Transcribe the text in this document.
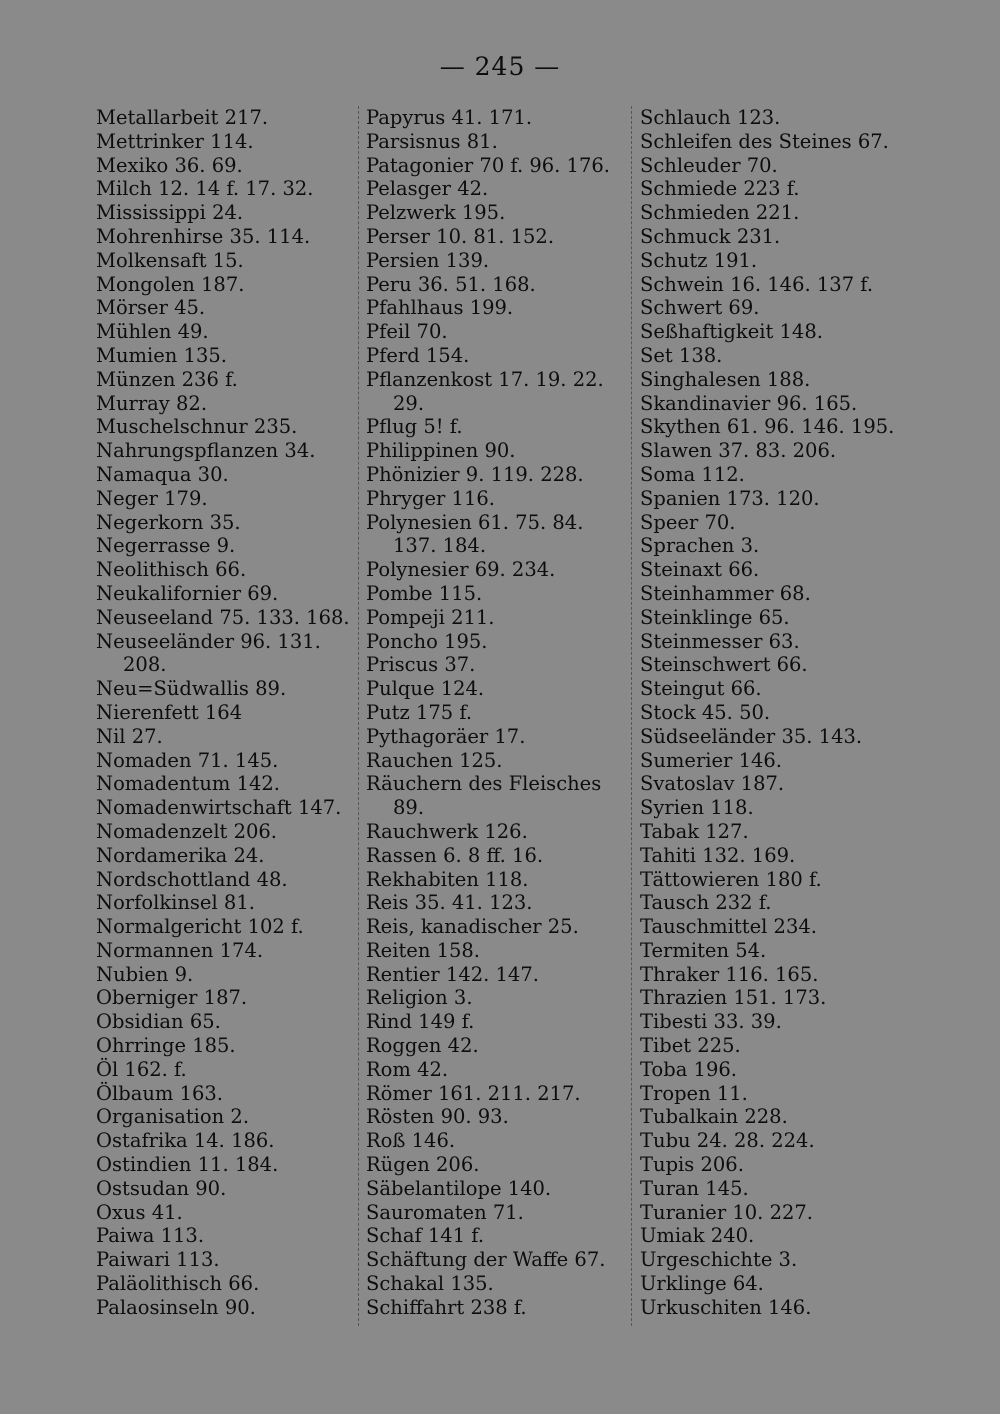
— 245 —
Metallarbeit 217.
Mettrinker 114.
Mexiko 36. 69.
Milch 12. 14 f. 17. 32.
Mississippi 24.
Mohrenhirse 35. 114.
Molkensaft 15.
Mongolen 187.
Mörser 45.
Mühlen 49.
Mumien 135.
Münzen 236 f.
Murray 82.
Muschelschnur 235.
Nahrungspflanzen 34.
Namaqua 30.
Neger 179.
Negerkorn 35.
Negerrasse 9.
Neolithisch 66.
Neukalifornier 69.
Neuseeland 75. 133. 168.
Neuseeländer 96. 131.
208.
Neu=Südwallis 89.
Nierenfett 164
Nil 27.
Nomaden 71. 145.
Nomadentum 142.
Nomadenwirtschaft 147.
Nomadenzelt 206.
Nordamerika 24.
Nordschottland 48.
Norfolkinsel 81.
Normalgericht 102 f.
Normannen 174.
Nubien 9.
Oberniger 187.
Obsidian 65.
Ohrringe 185.
Öl 162. f.
Ölbaum 163.
Organisation 2.
Ostafrika 14. 186.
Ostindien 11. 184.
Ostsudan 90.
Oxus 41.
Paiwa 113.
Paiwari 113.
Paläolithisch 66.
Palaosinseln 90.
Papyrus 41. 171.
Parsisnus 81.
Patagonier 70 f. 96. 176.
Pelasger 42.
Pelzwerk 195.
Perser 10. 81. 152.
Persien 139.
Peru 36. 51. 168.
Pfahlhaus 199.
Pfeil 70.
Pferd 154.
Pflanzenkost 17. 19. 22.
29.
Pflug 5! f.
Philippinen 90.
Phönizier 9. 119. 228.
Phryger 116.
Polynesien 61. 75. 84.
137. 184.
Polynesier 69. 234.
Pombe 115.
Pompeji 211.
Poncho 195.
Priscus 37.
Pulque 124.
Putz 175 f.
Pythagoräer 17.
Rauchen 125.
Räuchern des Fleisches
89.
Rauchwerk 126.
Rassen 6. 8 ff. 16.
Rekhabiten 118.
Reis 35. 41. 123.
Reis, kanadischer 25.
Reiten 158.
Rentier 142. 147.
Religion 3.
Rind 149 f.
Roggen 42.
Rom 42.
Römer 161. 211. 217.
Rösten 90. 93.
Roß 146.
Rügen 206.
Säbelantilope 140.
Sauromaten 71.
Schaf 141 f.
Schäftung der Waffe 67.
Schakal 135.
Schiffahrt 238 f.
Schlauch 123.
Schleifen des Steines 67.
Schleuder 70.
Schmiede 223 f.
Schmieden 221.
Schmuck 231.
Schutz 191.
Schwein 16. 146. 137 f.
Schwert 69.
Seßhaftigkeit 148.
Set 138.
Singhalesen 188.
Skandinavier 96. 165.
Skythen 61. 96. 146. 195.
Slawen 37. 83. 206.
Soma 112.
Spanien 173. 120.
Speer 70.
Sprachen 3.
Steinaxt 66.
Steinhammer 68.
Steinklinge 65.
Steinmesser 63.
Steinschwert 66.
Steingut 66.
Stock 45. 50.
Südseeländer 35. 143.
Sumerier 146.
Svatoslav 187.
Syrien 118.
Tabak 127.
Tahiti 132. 169.
Tättowieren 180 f.
Tausch 232 f.
Tauschmittel 234.
Termiten 54.
Thraker 116. 165.
Thrazien 151. 173.
Tibesti 33. 39.
Tibet 225.
Toba 196.
Tropen 11.
Tubalkain 228.
Tubu 24. 28. 224.
Tupis 206.
Turan 145.
Turanier 10. 227.
Umiak 240.
Urgeschichte 3.
Urklinge 64.
Urkuschiten 146.
